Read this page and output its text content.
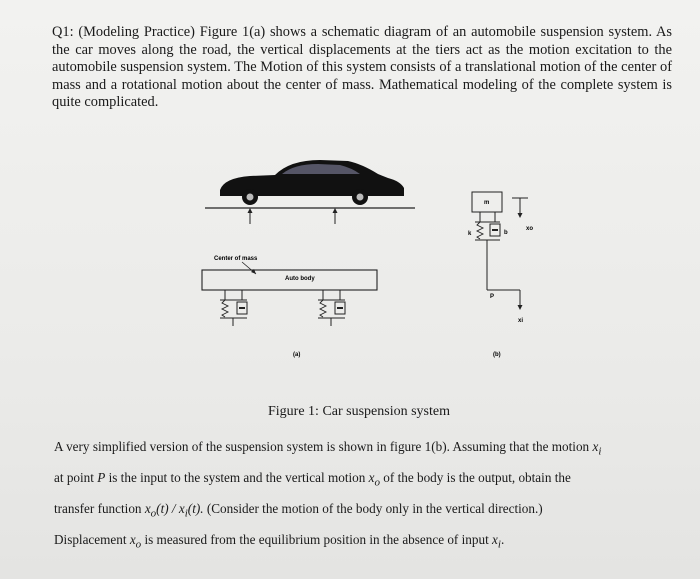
Q1: (Modeling Practice) Figure 1(a) shows a schematic diagram of an automobile suspension system. As the car moves along the road, the vertical displacements at the tiers act as the motion excitation to the automobile suspension system. The Motion of this system consists of a translational motion of the center of mass and a rotational motion about the center of mass. Mathematical modeling of the complete system is quite complicated.
Center of mass
Auto body
(a)
m
k	b
P
xi
xo
(b)
Figure 1: Car suspension system
A very simplified version of the suspension system is shown in figure 1(b). Assuming that the motion $x_i$
at point P is the input to the system and the vertical motion $x_o$ of the body is the output, obtain the
transfer function $x_o(t) / x_i(t)$. (Consider the motion of the body only in the vertical direction.)
Displacement $x_o$ is measured from the equilibrium position in the absence of input $x_i$.
